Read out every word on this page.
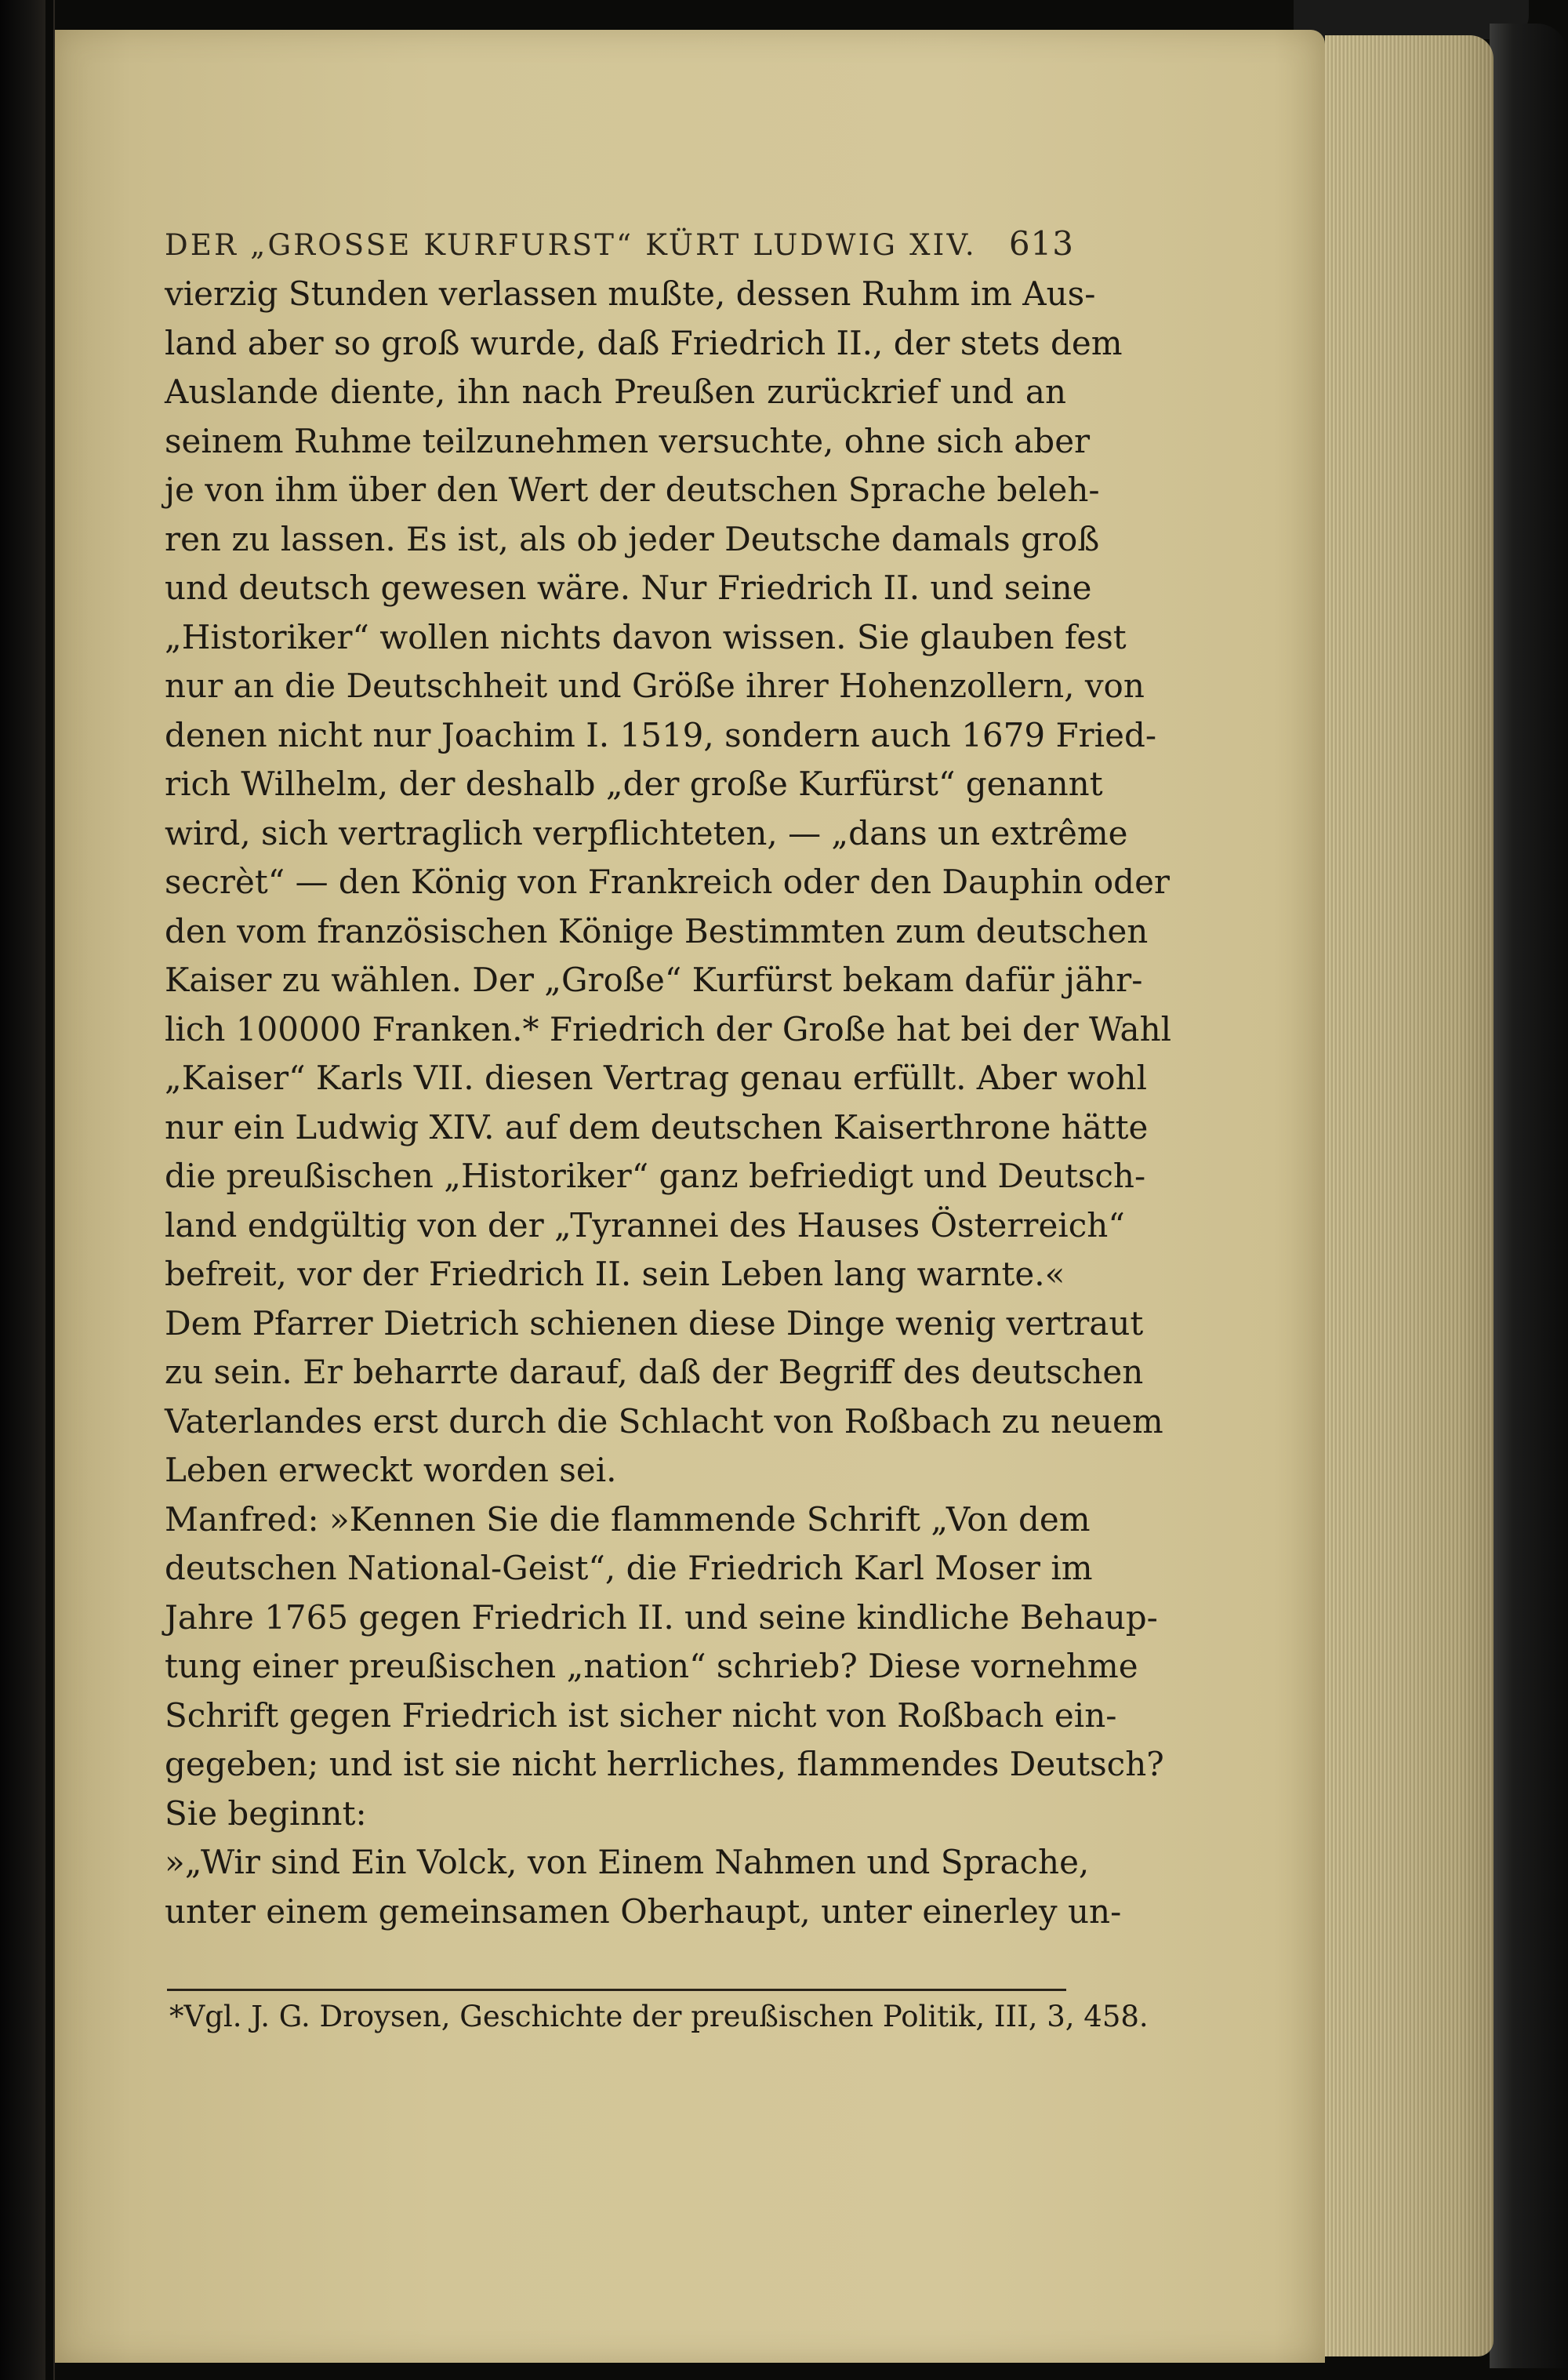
DER „GROSSE KURFURST“ KÜRT LUDWIG XIV. 613
vierzig Stunden verlassen mußte, dessen Ruhm im Aus-
land aber so groß wurde, daß Friedrich II., der stets dem
Auslande diente, ihn nach Preußen zurückrief und an
seinem Ruhme teilzunehmen versuchte, ohne sich aber
je von ihm über den Wert der deutschen Sprache beleh-
ren zu lassen. Es ist, als ob jeder Deutsche damals groß
und deutsch gewesen wäre. Nur Friedrich II. und seine
„Historiker“ wollen nichts davon wissen. Sie glauben fest
nur an die Deutschheit und Größe ihrer Hohenzollern, von
denen nicht nur Joachim I. 1519, sondern auch 1679 Fried-
rich Wilhelm, der deshalb „der große Kurfürst“ genannt
wird, sich vertraglich verpflichteten, — „dans un extrême
secrèt“ — den König von Frankreich oder den Dauphin oder
den vom französischen Könige Bestimmten zum deutschen
Kaiser zu wählen. Der „Große“ Kurfürst bekam dafür jähr-
lich 100000 Franken.* Friedrich der Große hat bei der Wahl
„Kaiser“ Karls VII. diesen Vertrag genau erfüllt. Aber wohl
nur ein Ludwig XIV. auf dem deutschen Kaiserthrone hätte
die preußischen „Historiker“ ganz befriedigt und Deutsch-
land endgültig von der „Tyrannei des Hauses Österreich“
befreit, vor der Friedrich II. sein Leben lang warnte.«
Dem Pfarrer Dietrich schienen diese Dinge wenig vertraut
zu sein. Er beharrte darauf, daß der Begriff des deutschen
Vaterlandes erst durch die Schlacht von Roßbach zu neuem
Leben erweckt worden sei.
Manfred: »Kennen Sie die flammende Schrift „Von dem
deutschen National-Geist“, die Friedrich Karl Moser im
Jahre 1765 gegen Friedrich II. und seine kindliche Behaup-
tung einer preußischen „nation“ schrieb? Diese vornehme
Schrift gegen Friedrich ist sicher nicht von Roßbach ein-
gegeben; und ist sie nicht herrliches, flammendes Deutsch?
Sie beginnt:
»„Wir sind Ein Volck, von Einem Nahmen und Sprache,
unter einem gemeinsamen Oberhaupt, unter einerley un-
*Vgl. J. G. Droysen, Geschichte der preußischen Politik, III, 3, 458.
